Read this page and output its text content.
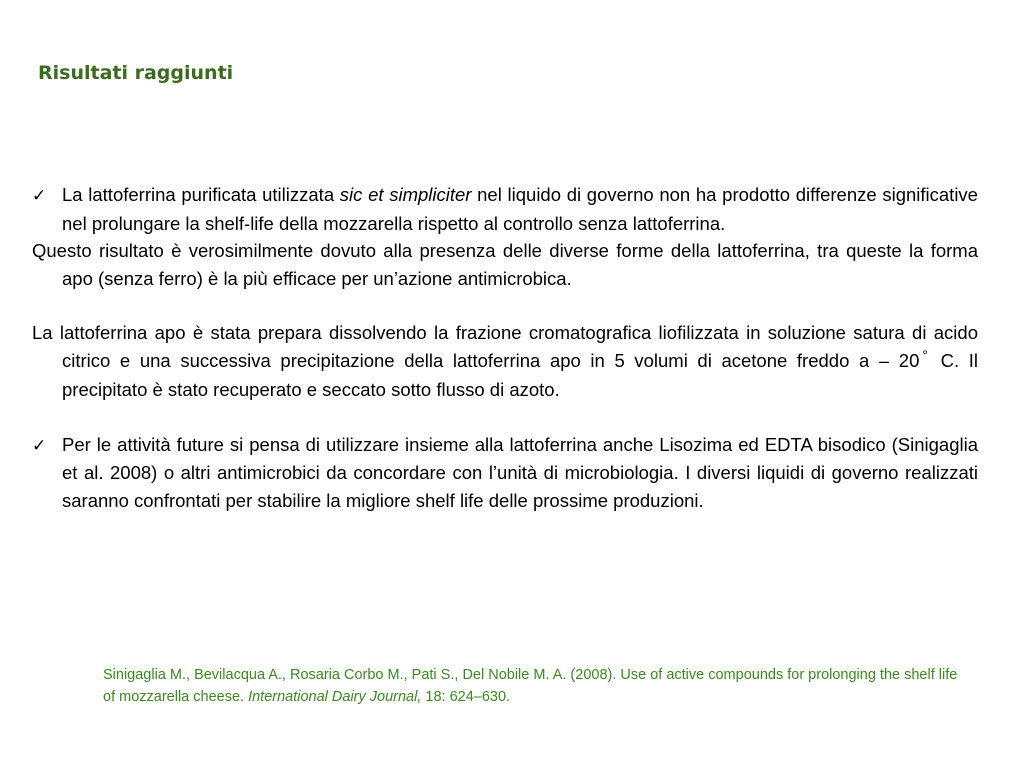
Risultati raggiunti

✓ La lattoferrina purificata utilizzata sic et simpliciter nel liquido di governo non ha prodotto differenze significative nel prolungare la shelf-life della mozzarella rispetto al controllo senza lattoferrina.

Questo risultato è verosimilmente dovuto alla presenza delle diverse forme della lattoferrina, tra queste la forma apo (senza ferro) è la più efficace per un’azione antimicrobica.

La lattoferrina apo è stata prepara dissolvendo la frazione cromatografica liofilizzata in soluzione satura di acido citrico e una successiva precipitazione della lattoferrina apo in 5 volumi di acetone freddo a – 20 ° C. Il precipitato è stato recuperato e seccato sotto flusso di azoto.

✓ Per le attività future si pensa di utilizzare insieme alla lattoferrina anche Lisozima ed EDTA bisodico (Sinigaglia et al. 2008) o altri antimicrobici da concordare con l’unità di microbiologia. I diversi liquidi di governo realizzati saranno confrontati per stabilire la migliore shelf life delle prossime produzioni.

Sinigaglia M., Bevilacqua A., Rosaria Corbo M., Pati S., Del Nobile M. A. (2008). Use of active compounds for prolonging the shelf life of mozzarella cheese. International Dairy Journal, 18: 624–630.
